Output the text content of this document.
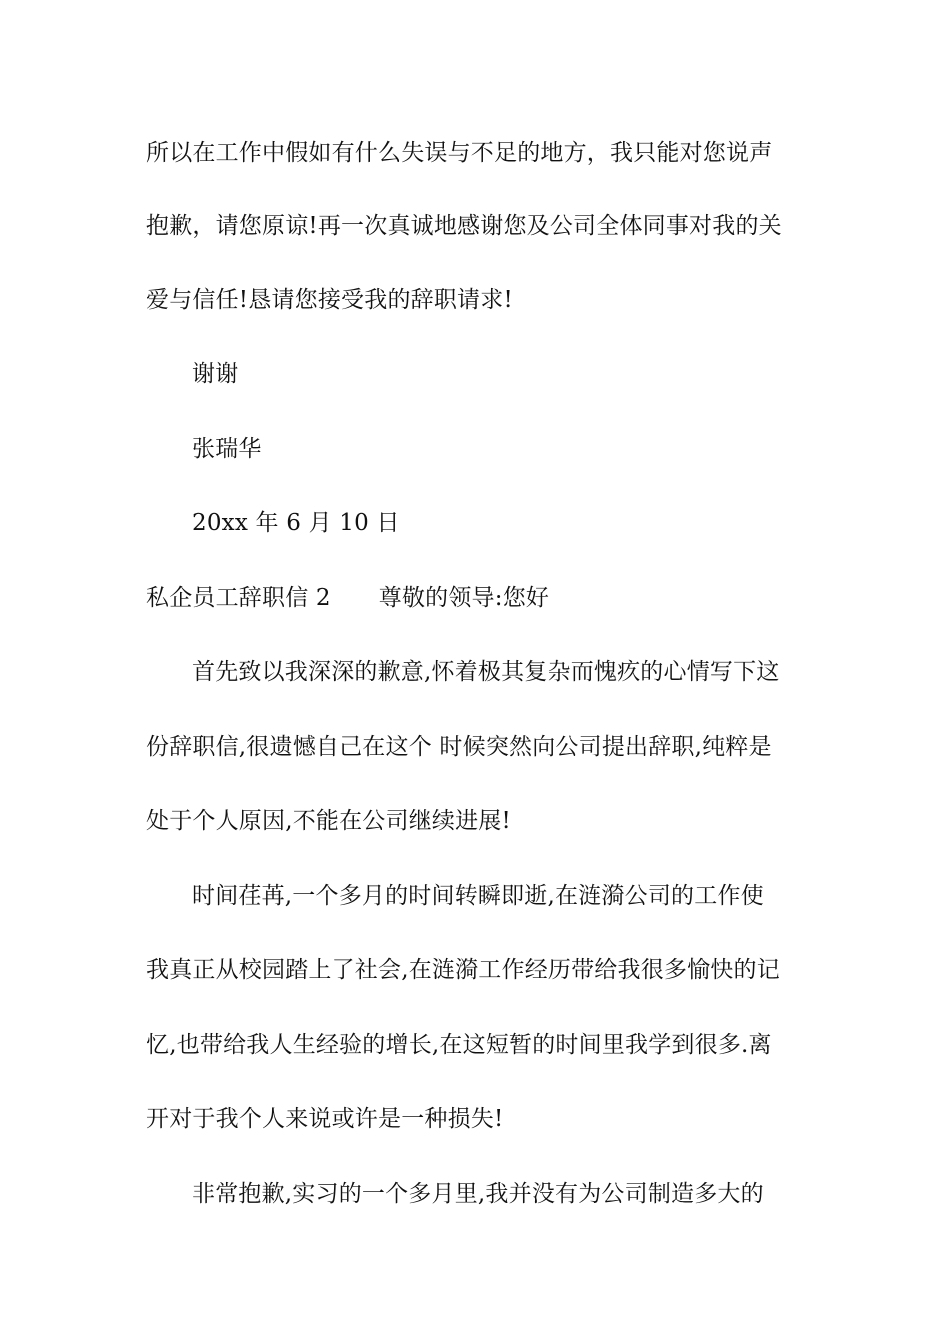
所以在工作中假如有什么失误与不足的地方，我只能对您说声
抱歉，请您原谅!再一次真诚地感谢您及公司全体同事对我的关
爱与信任!恳请您接受我的辞职请求!
谢谢
张瑞华
20xx 年 6 月 10 日
私企员工辞职信 2 尊敬的领导:您好
首先致以我深深的歉意,怀着极其复杂而愧疚的心情写下这
份辞职信,很遗憾自己在这个 时候突然向公司提出辞职,纯粹是
处于个人原因,不能在公司继续进展!
时间荏苒,一个多月的时间转瞬即逝,在涟漪公司的工作使
我真正从校园踏上了社会,在涟漪工作经历带给我很多愉快的记
忆,也带给我人生经验的增长,在这短暂的时间里我学到很多.离
开对于我个人来说或许是一种损失!
非常抱歉,实习的一个多月里,我并没有为公司制造多大的
